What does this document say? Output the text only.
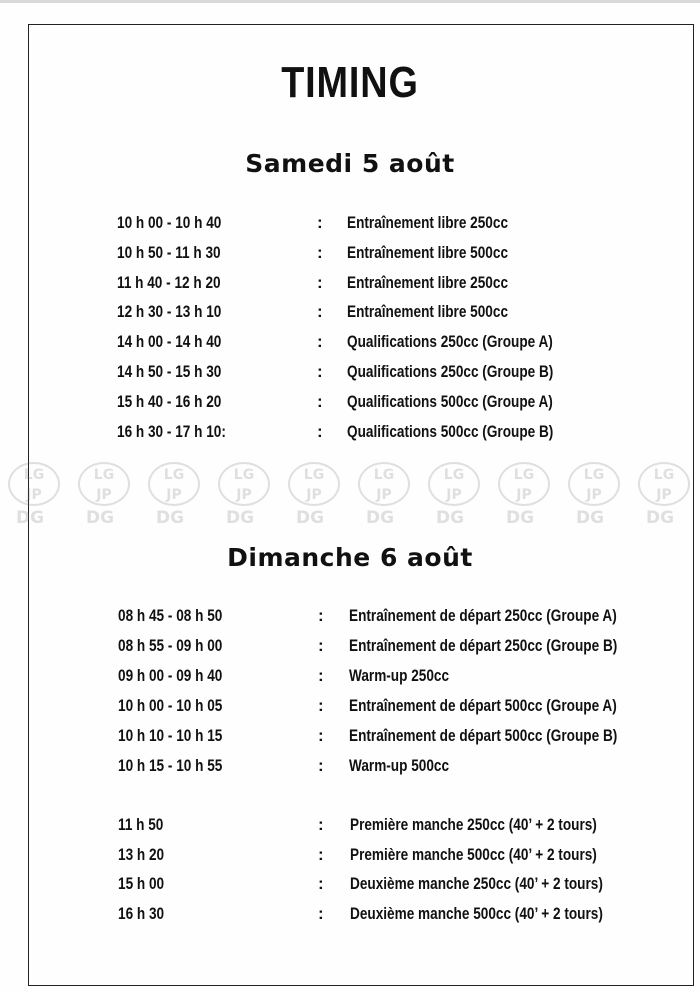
TIMING
Samedi 5 août
10 h 00 - 10 h 40	: Entraînement libre 250cc
10 h 50 - 11 h 30	: Entraînement libre 500cc
11 h 40 - 12 h 20	: Entraînement libre 250cc
12 h 30 - 13 h 10	: Entraînement libre 500cc
14 h 00 - 14 h 40	: Qualifications 250cc (Groupe A)
14 h 50 - 15 h 30	: Qualifications 250cc (Groupe B)
15 h 40 - 16 h 20	: Qualifications 500cc (Groupe A)
16 h 30 - 17 h 10:	: Qualifications 500cc (Groupe B)
LG
JP
DG
LG
JP
DG
LG
JP
DG
LG
JP
DG
LG
JP
DG
LG
JP
DG
LG
JP
DG
LG
JP
DG
LG
JP
DG
LG
JP
DG
Dimanche 6 août
08 h 45 - 08 h 50	: Entraînement de départ 250cc (Groupe A)
08 h 55 - 09 h 00	: Entraînement de départ 250cc (Groupe B)
09 h 00 - 09 h 40	: Warm-up 250cc
10 h 00 - 10 h 05	: Entraînement de départ 500cc (Groupe A)
10 h 10 - 10 h 15	: Entraînement de départ 500cc (Groupe B)
10 h 15 - 10 h 55	: Warm-up 500cc
11 h 50	: Première manche 250cc (40’ + 2 tours)
13 h 20	: Première manche 500cc (40’ + 2 tours)
15 h 00	: Deuxième manche 250cc (40’ + 2 tours)
16 h 30	: Deuxième manche 500cc (40’ + 2 tours)
